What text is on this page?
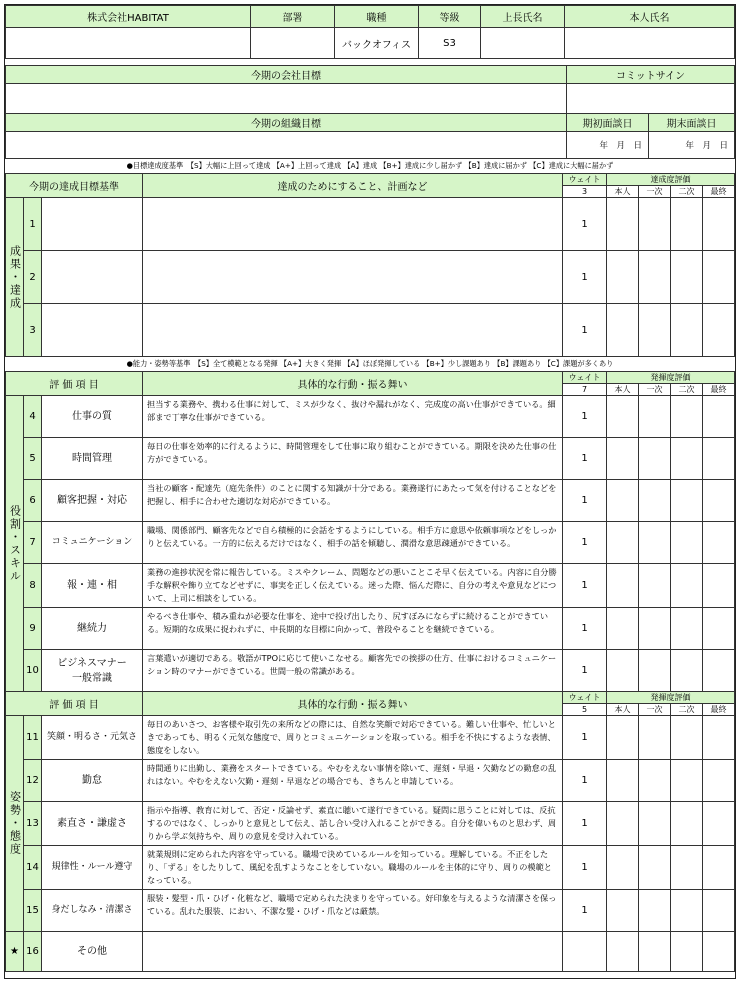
株式会社HABITAT	部署	職種	等級	上長氏名	本人氏名
		バックオフィス	S3		
今期の会社目標	コミットサイン	

今期の組織目標	期初面談日	期末面談日
	年　月　日	年　月　日
●目標達成度基準　【S】大幅に上回って達成 【A+】上回って達成 【A】達成 【B+】達成に少し届かず 【B】達成に届かず 【C】達成に大幅に届かず
今期の達成目標基準			達成のためにすること、計画など	ウェイト	達成度評価			
				3	本人	一次	二次	最終
成果・達成	1			1				
	2			1				
	3			1				
●能力・姿勢等基準　【S】全て模範となる発揮 【A+】大きく発揮 【A】ほぼ発揮している 【B+】少し課題あり 【B】課題あり 【C】課題が多くあり
評 価 項 目			具体的な行動・振る舞い	ウェイト	発揮度評価			
				7	本人	一次	二次	最終
役割・スキル	4	仕事の質	担当する業務や、携わる仕事に対して、ミスが少なく、抜けや漏れがなく、完成度の高い仕事ができている。細部まで丁寧な仕事ができている。	1				
	5	時間管理	毎日の仕事を効率的に行えるように、時間管理をして仕事に取り組むことができている。期限を決めた仕事の仕方ができている。	1				
	6	顧客把握・対応	当社の顧客・配達先（庭先条件）のことに関する知識が十分である。業務遂行にあたって気を付けることなどを把握し、相手に合わせた適切な対応ができている。	1				
	7	コミュニケーション	職場、関係部門、顧客先などで自ら積極的に会話をするようにしている。相手方に意思や依頼事項などをしっかりと伝えている。一方的に伝えるだけではなく、相手の話を傾聴し、潤滑な意思疎通ができている。	1				
	8	報・連・相	業務の進捗状況を常に報告している。ミスやクレーム、問題などの悪いことこそ早く伝えている。内容に自分勝手な解釈や飾り立てなどせずに、事実を正しく伝えている。迷った際、悩んだ際に、自分の考えや意見などについて、上司に相談をしている。	1				
	9	継続力	やるべき仕事や、積み重ねが必要な仕事を、途中で投げ出したり、尻すぼみにならずに続けることができている。短期的な成果に捉われずに、中長期的な目標に向かって、普段やることを継続できている。	1				
	10	ビジネスマナー
一般常識	言葉遣いが適切である。敬語がTPOに応じて使いこなせる。顧客先での挨拶の仕方、仕事におけるコミュニケーション時のマナーができている。世間一般の常識がある。	1				
評 価 項 目			具体的な行動・振る舞い	ウェイト	発揮度評価			
				5	本人	一次	二次	最終
姿勢・態度	11	笑顔・明るさ・元気さ	毎日のあいさつ、お客様や取引先の来所などの際には、自然な笑顔で対応できている。難しい仕事や、忙しいときであっても、明るく元気な態度で、周りとコミュニケーションを取っている。相手を不快にするような表情、態度をしない。	1				
	12	勤怠	時間通りに出勤し、業務をスタートできている。やむをえない事情を除いて、遅刻・早退・欠勤などの勤怠の乱れはない。やむをえない欠勤・遅刻・早退などの場合でも、きちんと申請している。	1				
	13	素直さ・謙虚さ	指示や指導、教育に対して、否定・反論せず、素直に聴いて遂行できている。疑問に思うことに対しては、反抗するのではなく、しっかりと意見として伝え、話し合い受け入れることができる。自分を偉いものと思わず、周りから学ぶ気持ちや、周りの意見を受け入れている。	1				
	14	規律性・ルール遵守	就業規則に定められた内容を守っている。職場で決めているルールを知っている。理解している。不正をしたり、「ずる」をしたりして、風紀を乱すようなことをしていない。職場のルールを主体的に守り、周りの模範となっている。	1				
	15	身だしなみ・清潔さ	服装・髪型・爪・ひげ・化粧など、職場で定められた決まりを守っている。好印象を与えるような清潔さを保っている。乱れた服装、におい、不潔な髪・ひげ・爪などは厳禁。	1				
★	16	その他						
